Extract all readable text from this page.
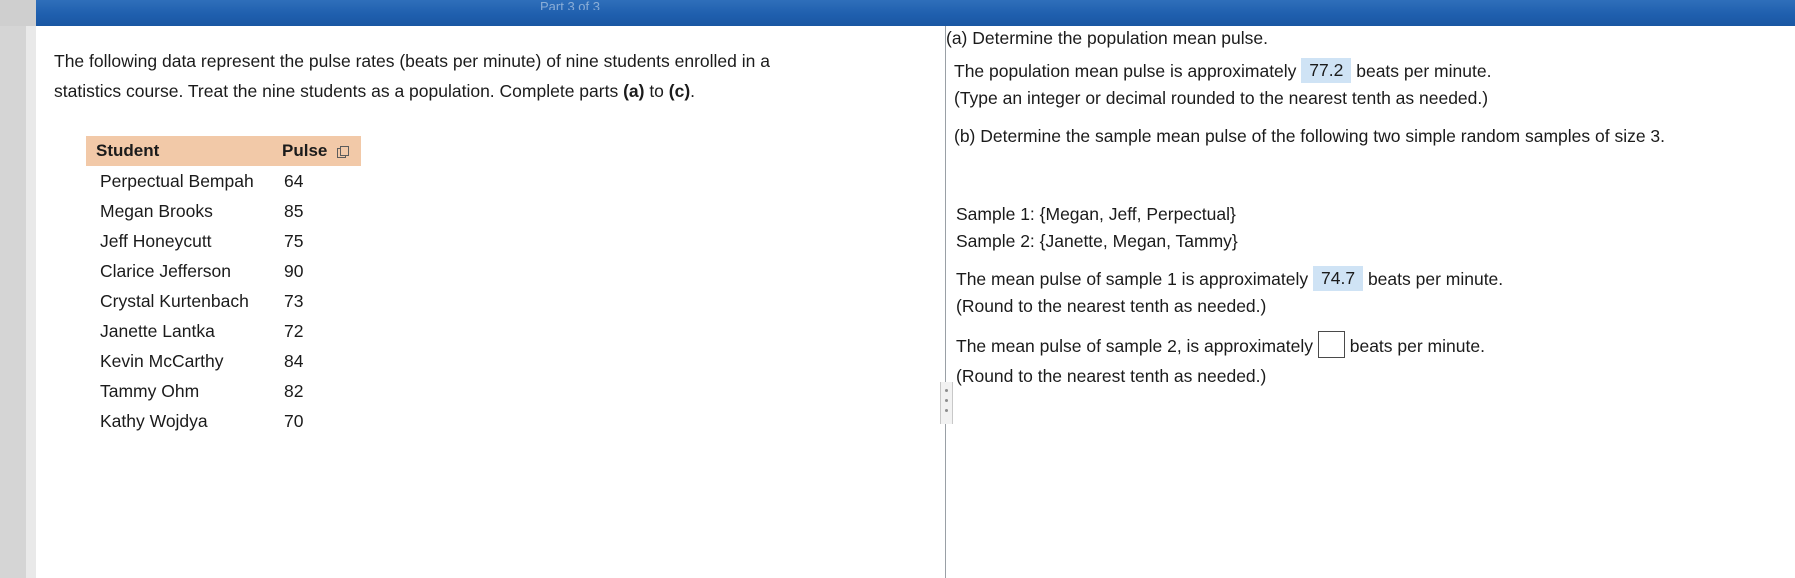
Part 3 of 3
The following data represent the pulse rates (beats per minute) of nine students enrolled in a
statistics course. Treat the nine students as a population. Complete parts (a) to (c).
Student	Pulse
Perpectual Bempah	64
Megan Brooks	85
Jeff Honeycutt	75
Clarice Jefferson	90
Crystal Kurtenbach	73
Janette Lantka	72
Kevin McCarthy	84
Tammy Ohm	82
Kathy Wojdya	70
(a) Determine the population mean pulse.
The population mean pulse is approximately 77.2 beats per minute.
(Type an integer or decimal rounded to the nearest tenth as needed.)
(b) Determine the sample mean pulse of the following two simple random samples of size 3.
Sample 1: {Megan, Jeff, Perpectual}
Sample 2: {Janette, Megan, Tammy}
The mean pulse of sample 1 is approximately 74.7 beats per minute.
(Round to the nearest tenth as needed.)
The mean pulse of sample 2, is approximately beats per minute.
(Round to the nearest tenth as needed.)
